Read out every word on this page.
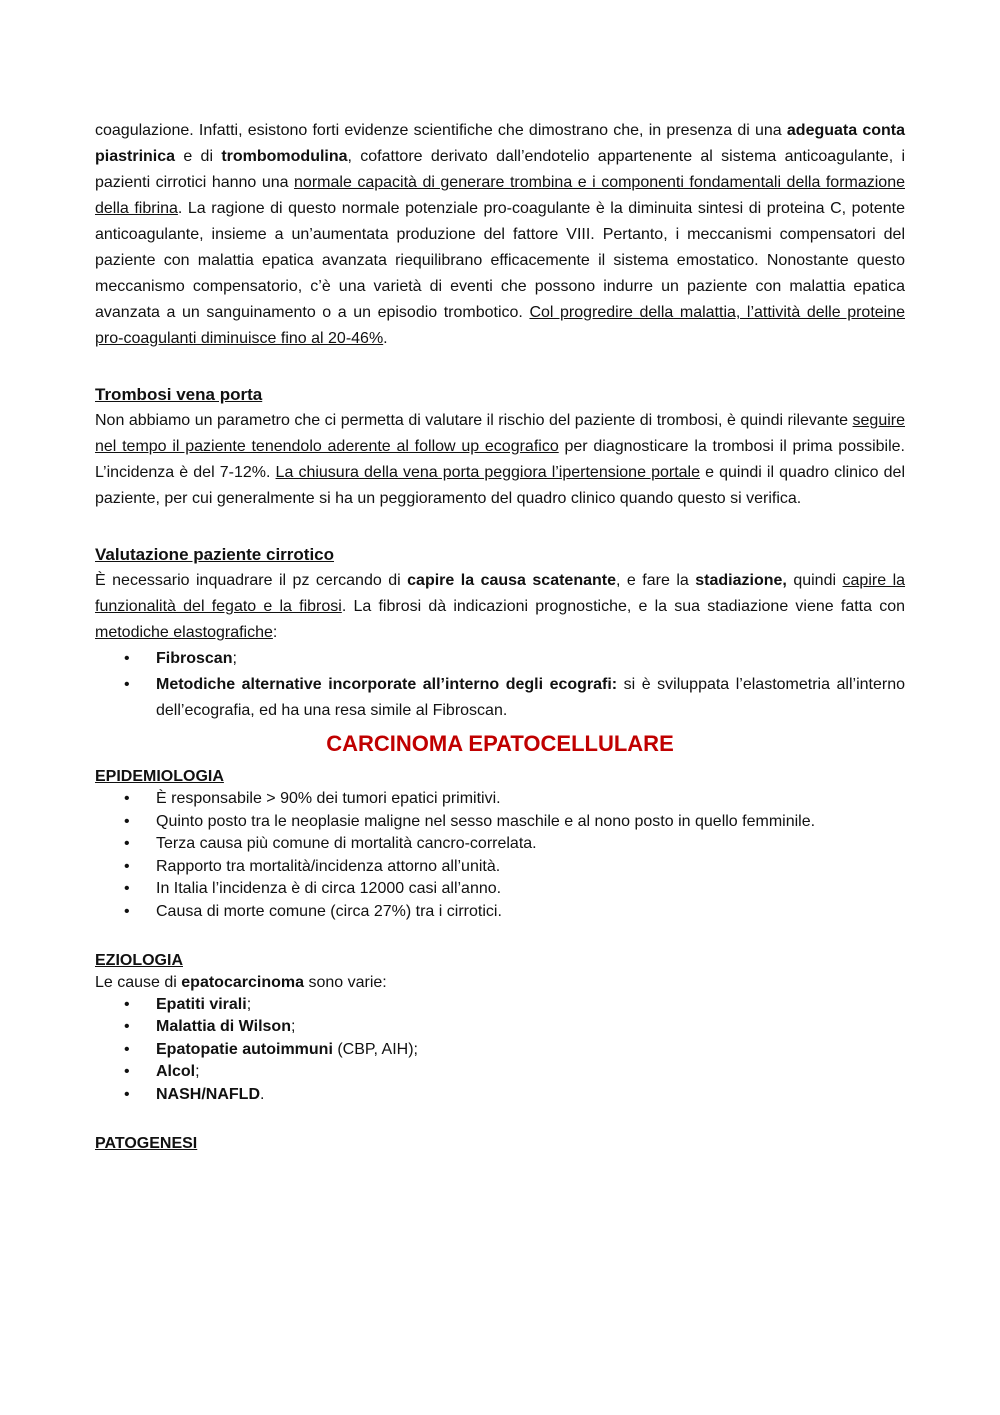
coagulazione. Infatti, esistono forti evidenze scientifiche che dimostrano che, in presenza di una adeguata conta piastrinica e di trombomodulina, cofattore derivato dall’endotelio appartenente al sistema anticoagulante, i pazienti cirrotici hanno una normale capacità di generare trombina e i componenti fondamentali della formazione della fibrina. La ragione di questo normale potenziale pro-coagulante è la diminuita sintesi di proteina C, potente anticoagulante, insieme a un’aumentata produzione del fattore VIII. Pertanto, i meccanismi compensatori del paziente con malattia epatica avanzata riequilibrano efficacemente il sistema emostatico. Nonostante questo meccanismo compensatorio, c’è una varietà di eventi che possono indurre un paziente con malattia epatica avanzata a un sanguinamento o a un episodio trombotico. Col progredire della malattia, l’attività delle proteine pro-coagulanti diminuisce fino al 20-46%.

Trombosi vena porta

Non abbiamo un parametro che ci permetta di valutare il rischio del paziente di trombosi, è quindi rilevante seguire nel tempo il paziente tenendolo aderente al follow up ecografico per diagnosticare la trombosi il prima possibile. L’incidenza è del 7-12%. La chiusura della vena porta peggiora l’ipertensione portale e quindi il quadro clinico del paziente, per cui generalmente si ha un peggioramento del quadro clinico quando questo si verifica.

Valutazione paziente cirrotico

È necessario inquadrare il pz cercando di capire la causa scatenante, e fare la stadiazione, quindi capire la funzionalità del fegato e la fibrosi. La fibrosi dà indicazioni prognostiche, e la sua stadiazione viene fatta con metodiche elastografiche:

• Fibroscan;
• Metodiche alternative incorporate all’interno degli ecografi: si è sviluppata l’elastometria all’interno dell’ecografia, ed ha una resa simile al Fibroscan.
CARCINOMA EPATOCELLULARE
EPIDEMIOLOGIA
• È responsabile > 90% dei tumori epatici primitivi.
• Quinto posto tra le neoplasie maligne nel sesso maschile e al nono posto in quello femminile.
• Terza causa più comune di mortalità cancro-correlata.
• Rapporto tra mortalità/incidenza attorno all’unità.
• In Italia l’incidenza è di circa 12000 casi all’anno.
• Causa di morte comune (circa 27%) tra i cirrotici.
EZIOLOGIA

Le cause di epatocarcinoma sono varie:

• Epatiti virali;
• Malattia di Wilson;
• Epatopatie autoimmuni (CBP, AIH);
• Alcol;
• NASH/NAFLD.
PATOGENESI
